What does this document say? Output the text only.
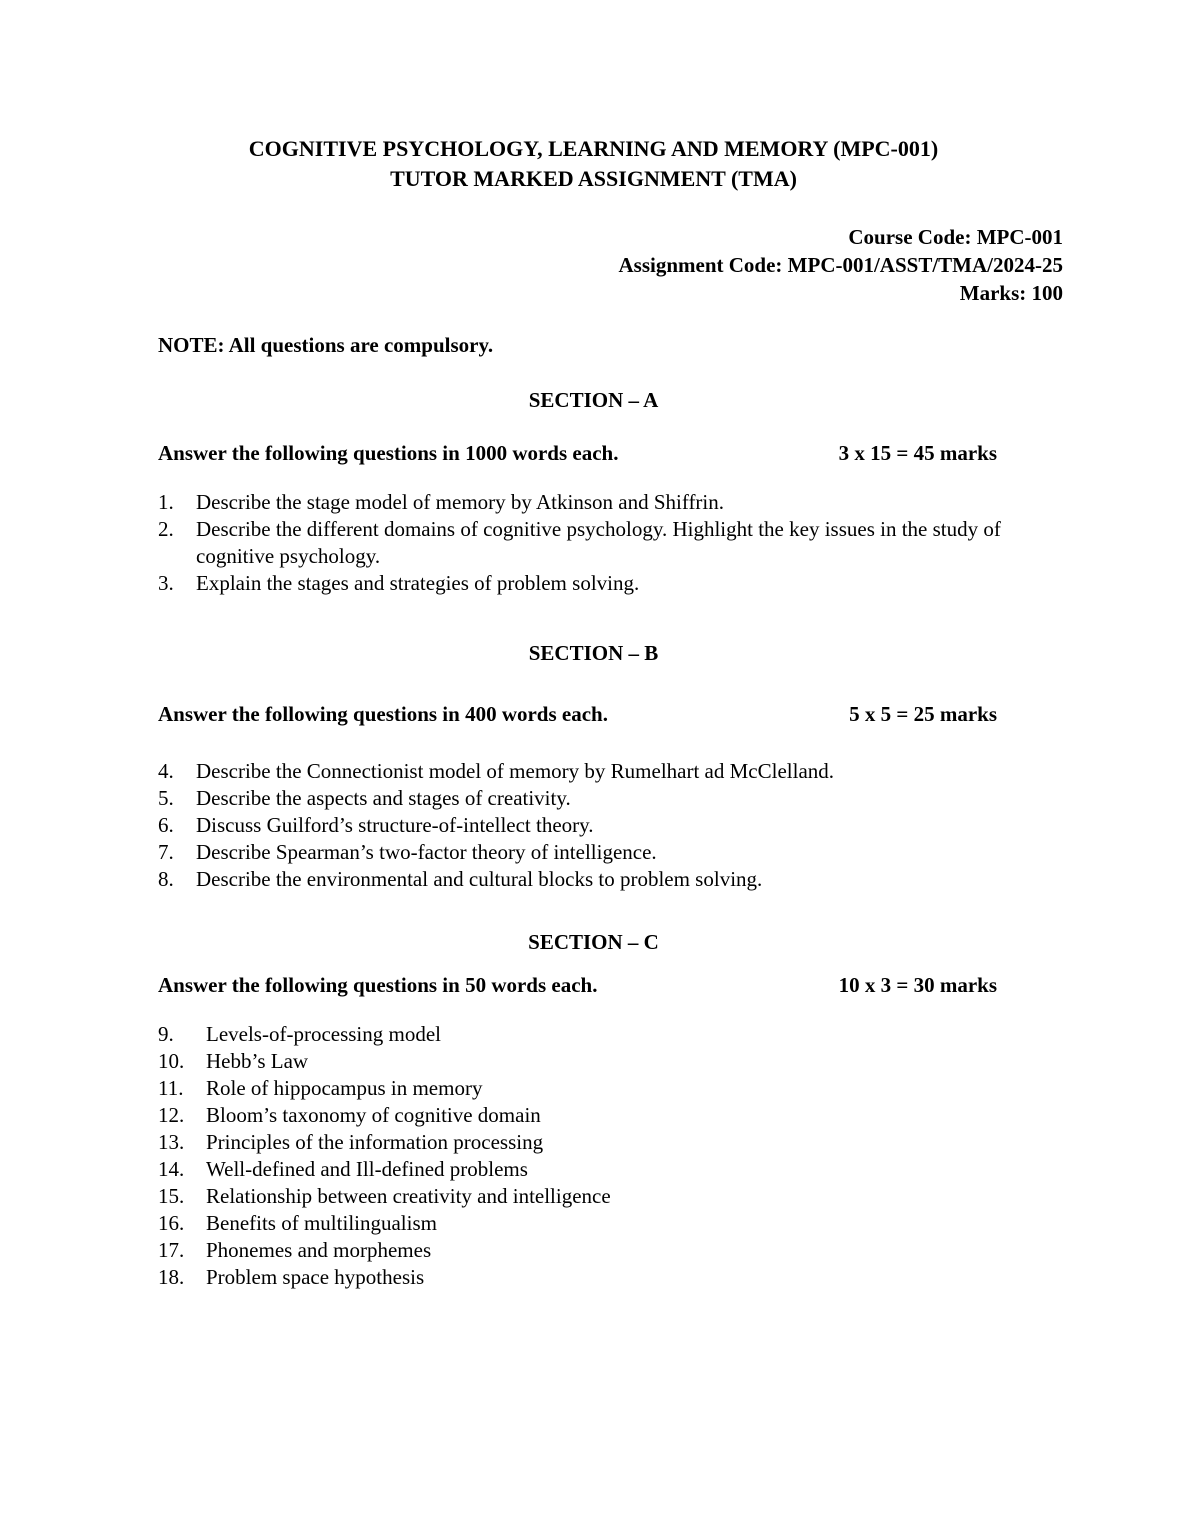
COGNITIVE PSYCHOLOGY, LEARNING AND MEMORY (MPC-001)
TUTOR MARKED ASSIGNMENT (TMA)
Course Code: MPC-001
Assignment Code: MPC-001/ASST/TMA/2024-25
Marks: 100
NOTE: All questions are compulsory.
SECTION – A
Answer the following questions in 1000 words each.	3 x 15 = 45 marks
1.	Describe the stage model of memory by Atkinson and Shiffrin.
2.	Describe the different domains of cognitive psychology. Highlight the key issues in the study of cognitive psychology.
3.	Explain the stages and strategies of problem solving.
SECTION – B
Answer the following questions in 400 words each.	5 x 5 = 25 marks
4.	Describe the Connectionist model of memory by Rumelhart ad McClelland.
5.	Describe the aspects and stages of creativity.
6.	Discuss Guilford’s structure-of-intellect theory.
7.	Describe Spearman’s two-factor theory of intelligence.
8.	Describe the environmental and cultural blocks to problem solving.
SECTION – C
Answer the following questions in 50 words each.	10 x 3 = 30 marks
9.	Levels-of-processing model
10.	Hebb’s Law
11.	Role of hippocampus in memory
12.	Bloom’s taxonomy of cognitive domain
13.	Principles of the information processing
14.	Well-defined and Ill-defined problems
15.	Relationship between creativity and intelligence
16.	Benefits of multilingualism
17.	Phonemes and morphemes
18.	Problem space hypothesis
